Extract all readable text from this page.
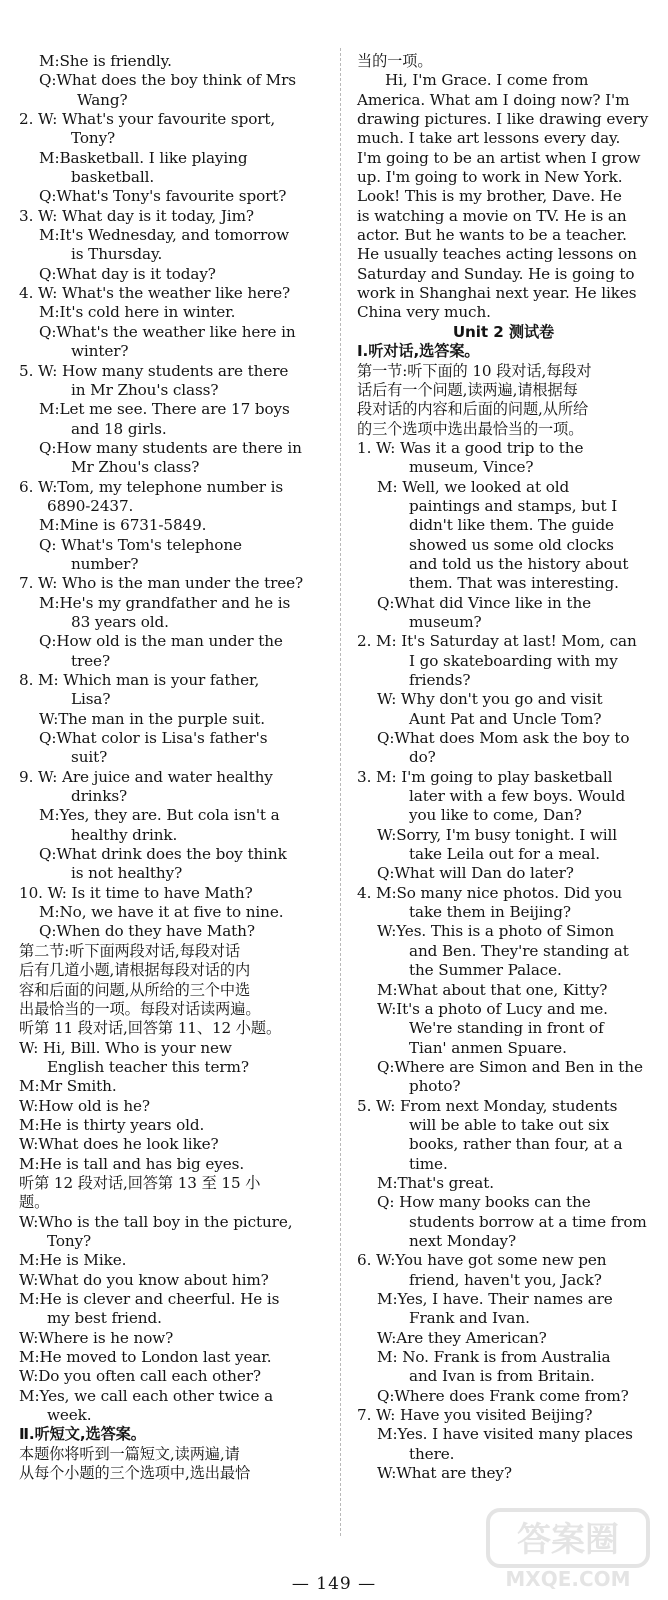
M:She is friendly.
Q:What does the boy think of Mrs
Wang?
2. W: What's your favourite sport,
Tony?
M:Basketball. I like playing
basketball.
Q:What's Tony's favourite sport?
3. W: What day is it today, Jim?
M:It's Wednesday, and tomorrow
is Thursday.
Q:What day is it today?
4. W: What's the weather like here?
M:It's cold here in winter.
Q:What's the weather like here in
winter?
5. W: How many students are there
in Mr Zhou's class?
M:Let me see. There are 17 boys
and 18 girls.
Q:How many students are there in
Mr Zhou's class?
6. W:Tom, my telephone number is
6890-2437.
M:Mine is 6731-5849.
Q: What's Tom's telephone
number?
7. W: Who is the man under the tree?
M:He's my grandfather and he is
83 years old.
Q:How old is the man under the
tree?
8. M: Which man is your father,
Lisa?
W:The man in the purple suit.
Q:What color is Lisa's father's
suit?
9. W: Are juice and water healthy
drinks?
M:Yes, they are. But cola isn't a
healthy drink.
Q:What drink does the boy think
is not healthy?
10. W: Is it time to have Math?
M:No, we have it at five to nine.
Q:When do they have Math?
第二节:听下面两段对话,每段对话
后有几道小题,请根据每段对话的内
容和后面的问题,从所给的三个中选
出最恰当的一项。每段对话读两遍。
听第 11 段对话,回答第 11、12 小题。
W: Hi, Bill. Who is your new
English teacher this term?
M:Mr Smith.
W:How old is he?
M:He is thirty years old.
W:What does he look like?
M:He is tall and has big eyes.
听第 12 段对话,回答第 13 至 15 小
题。
W:Who is the tall boy in the picture,
Tony?
M:He is Mike.
W:What do you know about him?
M:He is clever and cheerful. He is
my best friend.
W:Where is he now?
M:He moved to London last year.
W:Do you often call each other?
M:Yes, we call each other twice a
week.
Ⅱ.听短文,选答案。
本题你将听到一篇短文,读两遍,请
从每个小题的三个选项中,选出最恰
当的一项。
Hi, I'm Grace. I come from
America. What am I doing now? I'm
drawing pictures. I like drawing every
much. I take art lessons every day.
I'm going to be an artist when I grow
up. I'm going to work in New York.
Look! This is my brother, Dave. He
is watching a movie on TV. He is an
actor. But he wants to be a teacher.
He usually teaches acting lessons on
Saturday and Sunday. He is going to
work in Shanghai next year. He likes
China very much.
Unit 2 测试卷
Ⅰ.听对话,选答案。
第一节:听下面的 10 段对话,每段对
话后有一个问题,读两遍,请根据每
段对话的内容和后面的问题,从所给
的三个选项中选出最恰当的一项。
1. W: Was it a good trip to the
museum, Vince?
M: Well, we looked at old
paintings and stamps, but I
didn't like them. The guide
showed us some old clocks
and told us the history about
them. That was interesting.
Q:What did Vince like in the
museum?
2. M: It's Saturday at last! Mom, can
I go skateboarding with my
friends?
W: Why don't you go and visit
Aunt Pat and Uncle Tom?
Q:What does Mom ask the boy to
do?
3. M: I'm going to play basketball
later with a few boys. Would
you like to come, Dan?
W:Sorry, I'm busy tonight. I will
take Leila out for a meal.
Q:What will Dan do later?
4. M:So many nice photos. Did you
take them in Beijing?
W:Yes. This is a photo of Simon
and Ben. They're standing at
the Summer Palace.
M:What about that one, Kitty?
W:It's a photo of Lucy and me.
We're standing in front of
Tian' anmen Spuare.
Q:Where are Simon and Ben in the
photo?
5. W: From next Monday, students
will be able to take out six
books, rather than four, at a
time.
M:That's great.
Q: How many books can the
students borrow at a time from
next Monday?
6. W:You have got some new pen
friend, haven't you, Jack?
M:Yes, I have. Their names are
Frank and Ivan.
W:Are they American?
M: No. Frank is from Australia
and Ivan is from Britain.
Q:Where does Frank come from?
7. W: Have you visited Beijing?
M:Yes. I have visited many places
there.
W:What are they?
— 149 —
答案圈
MXQE.COM
